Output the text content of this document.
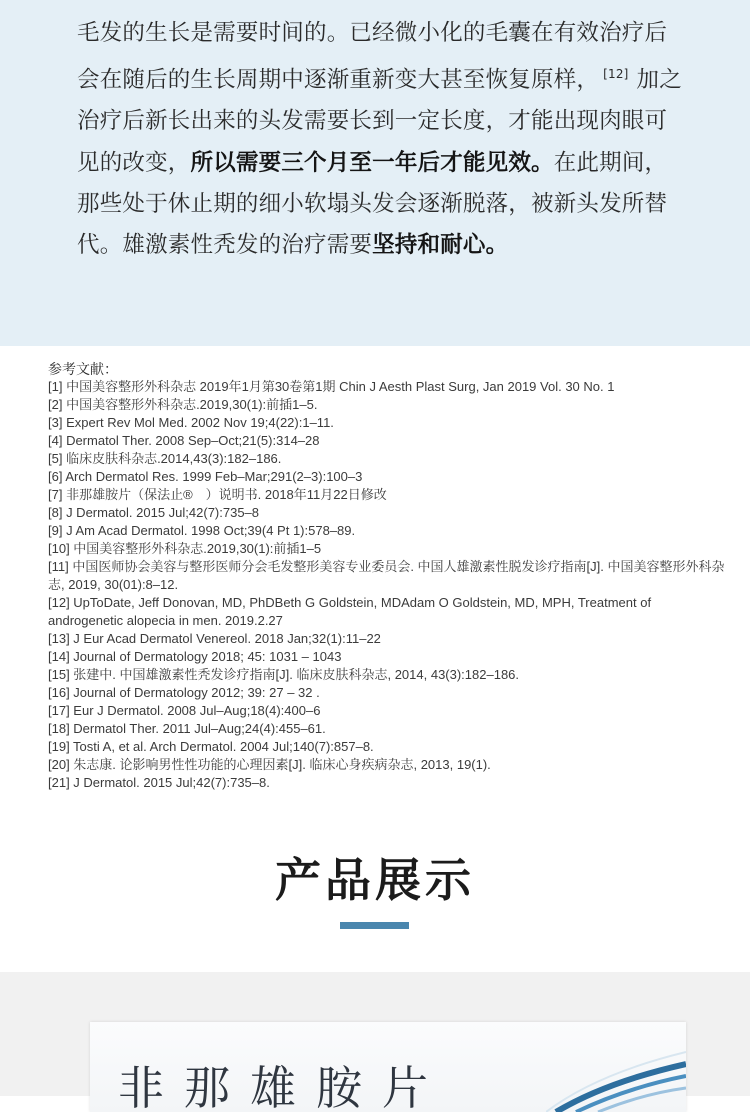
毛发的生长是需要时间的。已经微小化的毛囊在有效治疗后会在随后的生长周期中逐渐重新变大甚至恢复原样， [12] 加之治疗后新长出来的头发需要长到一定长度，才能出现肉眼可见的改变，所以需要三个月至一年后才能见效。在此期间，那些处于休止期的细小软塌头发会逐渐脱落，被新头发所替代。雄激素性秃发的治疗需要坚持和耐心。
参考文献：
[1] 中国美容整形外科杂志 2019年1月第30卷第1期 Chin J Aesth Plast Surg, Jan 2019 Vol. 30 No. 1
[2] 中国美容整形外科杂志.2019,30(1):前插1–5.
[3] Expert Rev Mol Med. 2002 Nov 19;4(22):1–11.
[4] Dermatol Ther. 2008 Sep–Oct;21(5):314–28
[5] 临床皮肤科杂志.2014,43(3):182–186.
[6] Arch Dermatol Res. 1999 Feb–Mar;291(2–3):100–3
[7] 非那雄胺片（保法止®　）说明书. 2018年11月22日修改
[8] J Dermatol. 2015 Jul;42(7):735–8
[9] J Am Acad Dermatol. 1998 Oct;39(4 Pt 1):578–89.
[10] 中国美容整形外科杂志.2019,30(1):前插1–5
[11] 中国医师协会美容与整形医师分会毛发整形美容专业委员会. 中国人雄激素性脱发诊疗指南[J]. 中国美容整形外科杂志, 2019, 30(01):8–12.
[12] UpToDate, Jeff Donovan, MD, PhDBeth G Goldstein, MDAdam O Goldstein, MD, MPH, Treatment of androgenetic alopecia in men. 2019.2.27
[13] J Eur Acad Dermatol Venereol. 2018 Jan;32(1):11–22
[14] Journal of Dermatology 2018; 45: 1031 – 1043
[15] 张建中. 中国雄激素性秃发诊疗指南[J]. 临床皮肤科杂志, 2014, 43(3):182–186.
[16] Journal of Dermatology 2012; 39: 27 – 32 .
[17] Eur J Dermatol. 2008 Jul–Aug;18(4):400–6
[18] Dermatol Ther. 2011 Jul–Aug;24(4):455–61.
[19] Tosti A, et al. Arch Dermatol. 2004 Jul;140(7):857–8.
[20] 朱志康. 论影响男性性功能的心理因素[J]. 临床心身疾病杂志, 2013, 19(1).
[21] J Dermatol. 2015 Jul;42(7):735–8.
产品展示
非那雄胺片
